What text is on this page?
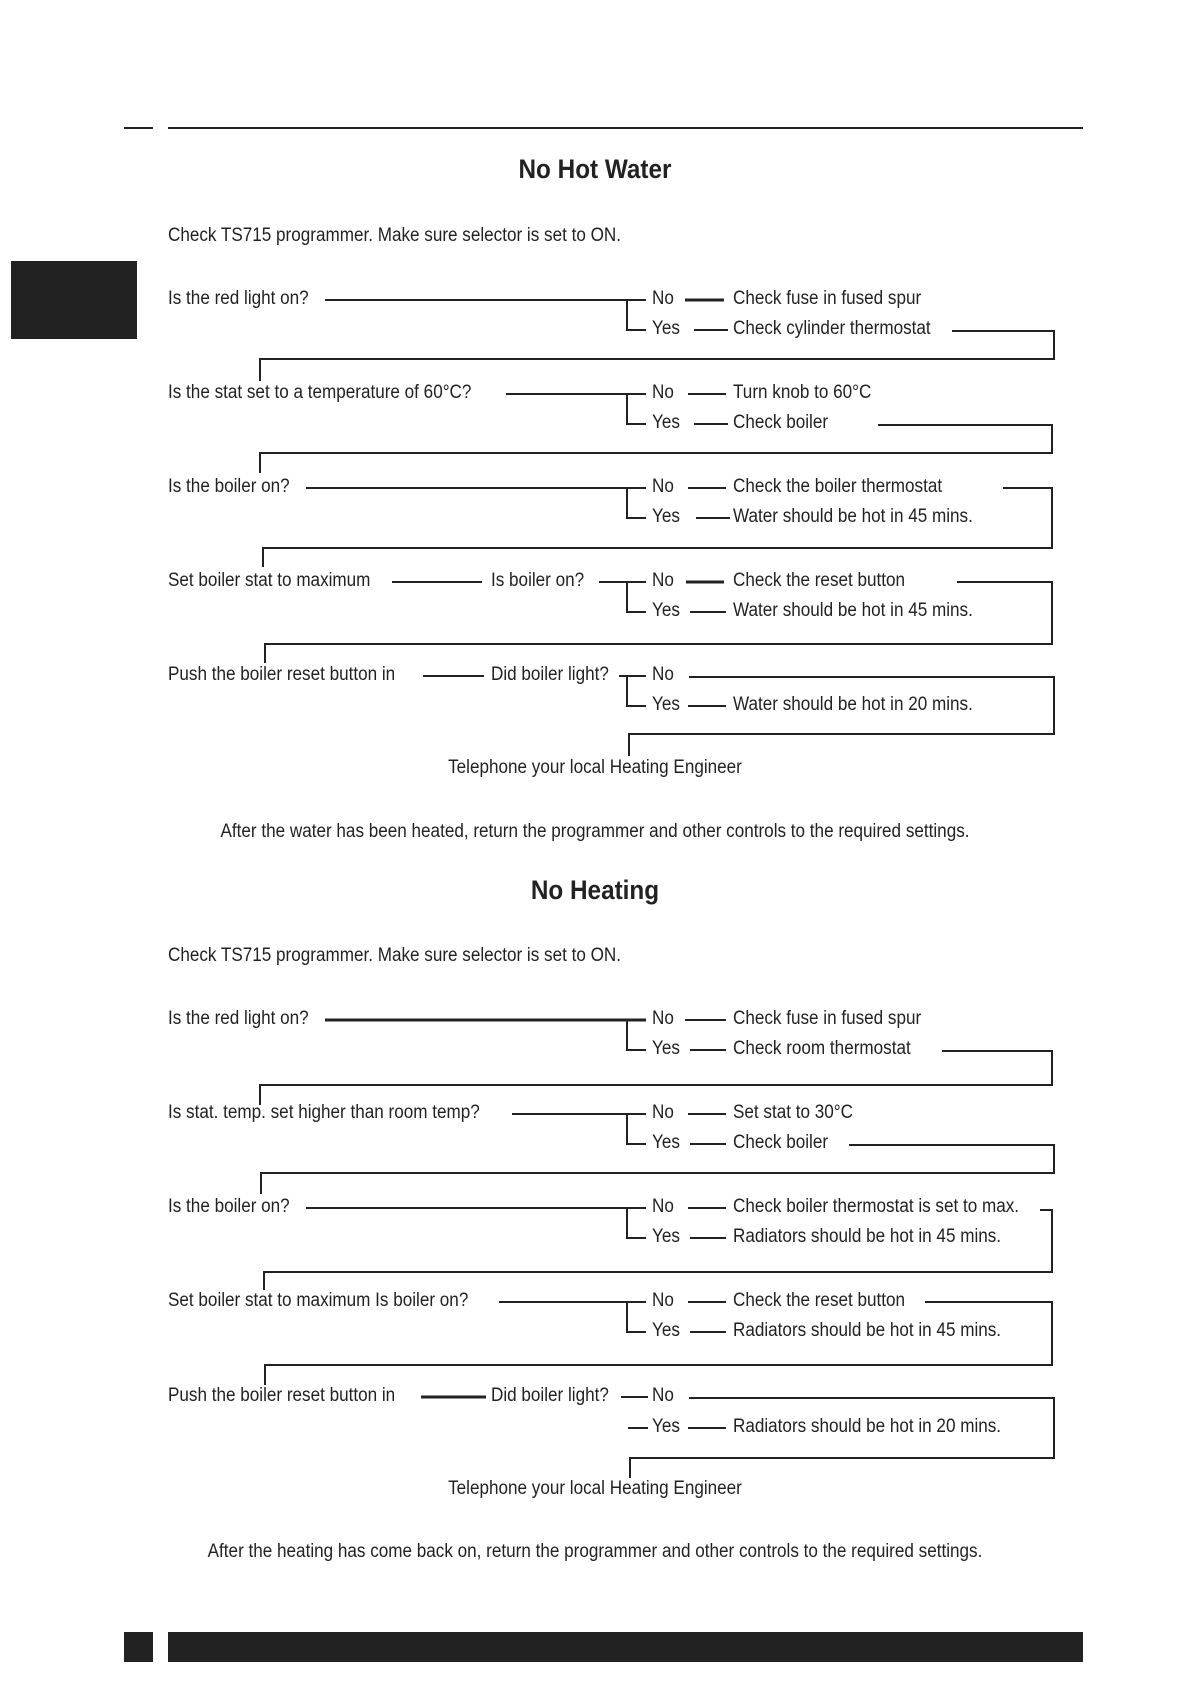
No Hot Water
Check TS715 programmer. Make sure selector is set to ON.
Is the red light on?	No	Check fuse in fused spur
Yes	Check cylinder thermostat
Is the stat set to a temperature of 60°C?	No	Turn knob to 60°C
Yes	Check boiler
Is the boiler on?	No	Check the boiler thermostat
Yes	Water should be hot in 45 mins.
Set boiler stat to maximum	Is boiler on?	No	Check the reset button
Yes	Water should be hot in 45 mins.
Push the boiler reset button in	Did boiler light? No
Yes	Water should be hot in 20 mins.
Telephone your local Heating Engineer
After the water has been heated, return the programmer and other controls to the required settings.
No Heating
Check TS715 programmer. Make sure selector is set to ON.
Is the red light on?	No	Check fuse in fused spur
Yes	Check room thermostat
Is stat. temp. set higher than room temp?	No	Set stat to 30°C
Yes	Check boiler
Is the boiler on?	No	Check boiler thermostat is set to max.
Yes	Radiators should be hot in 45 mins.
Set boiler stat to maximum Is boiler on?	No	Check the reset button
Yes	Radiators should be hot in 45 mins.
Push the boiler reset button in	Did boiler light? No
Yes	Radiators should be hot in 20 mins.
Telephone your local Heating Engineer
After the heating has come back on, return the programmer and other controls to the required settings.
